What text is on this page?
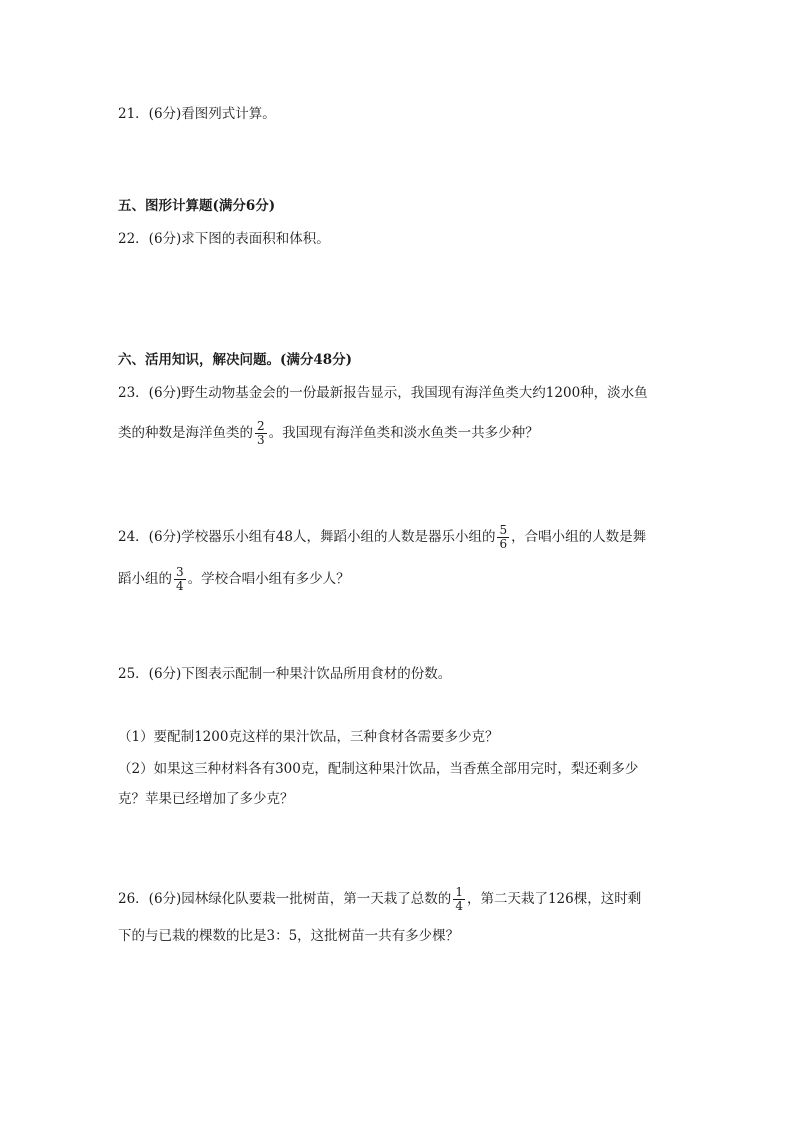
21．(6分)看图列式计算。
五、图形计算题(满分6分)
22．(6分)求下图的表面积和体积。
六、活用知识，解决问题。(满分48分)
23．(6分)野生动物基金会的一份最新报告显示，我国现有海洋鱼类大约1200种，淡水鱼
类的种数是海洋鱼类的 $\frac{2}{3}$ 。我国现有海洋鱼类和淡水鱼类一共多少种？
24．(6分)学校器乐小组有48人，舞蹈小组的人数是器乐小组的 $\frac{5}{6}$ ，合唱小组的人数是舞
蹈小组的 $\frac{3}{4}$ 。学校合唱小组有多少人？
25．(6分)下图表示配制一种果汁饮品所用食材的份数。
（1）要配制1200克这样的果汁饮品，三种食材各需要多少克？
（2）如果这三种材料各有300克，配制这种果汁饮品，当香蕉全部用完时，梨还剩多少
克？苹果已经增加了多少克？
26．(6分)园林绿化队要栽一批树苗，第一天栽了总数的 $\frac{1}{4}$ ，第二天栽了126棵，这时剩
下的与已栽的棵数的比是3：5，这批树苗一共有多少棵？
